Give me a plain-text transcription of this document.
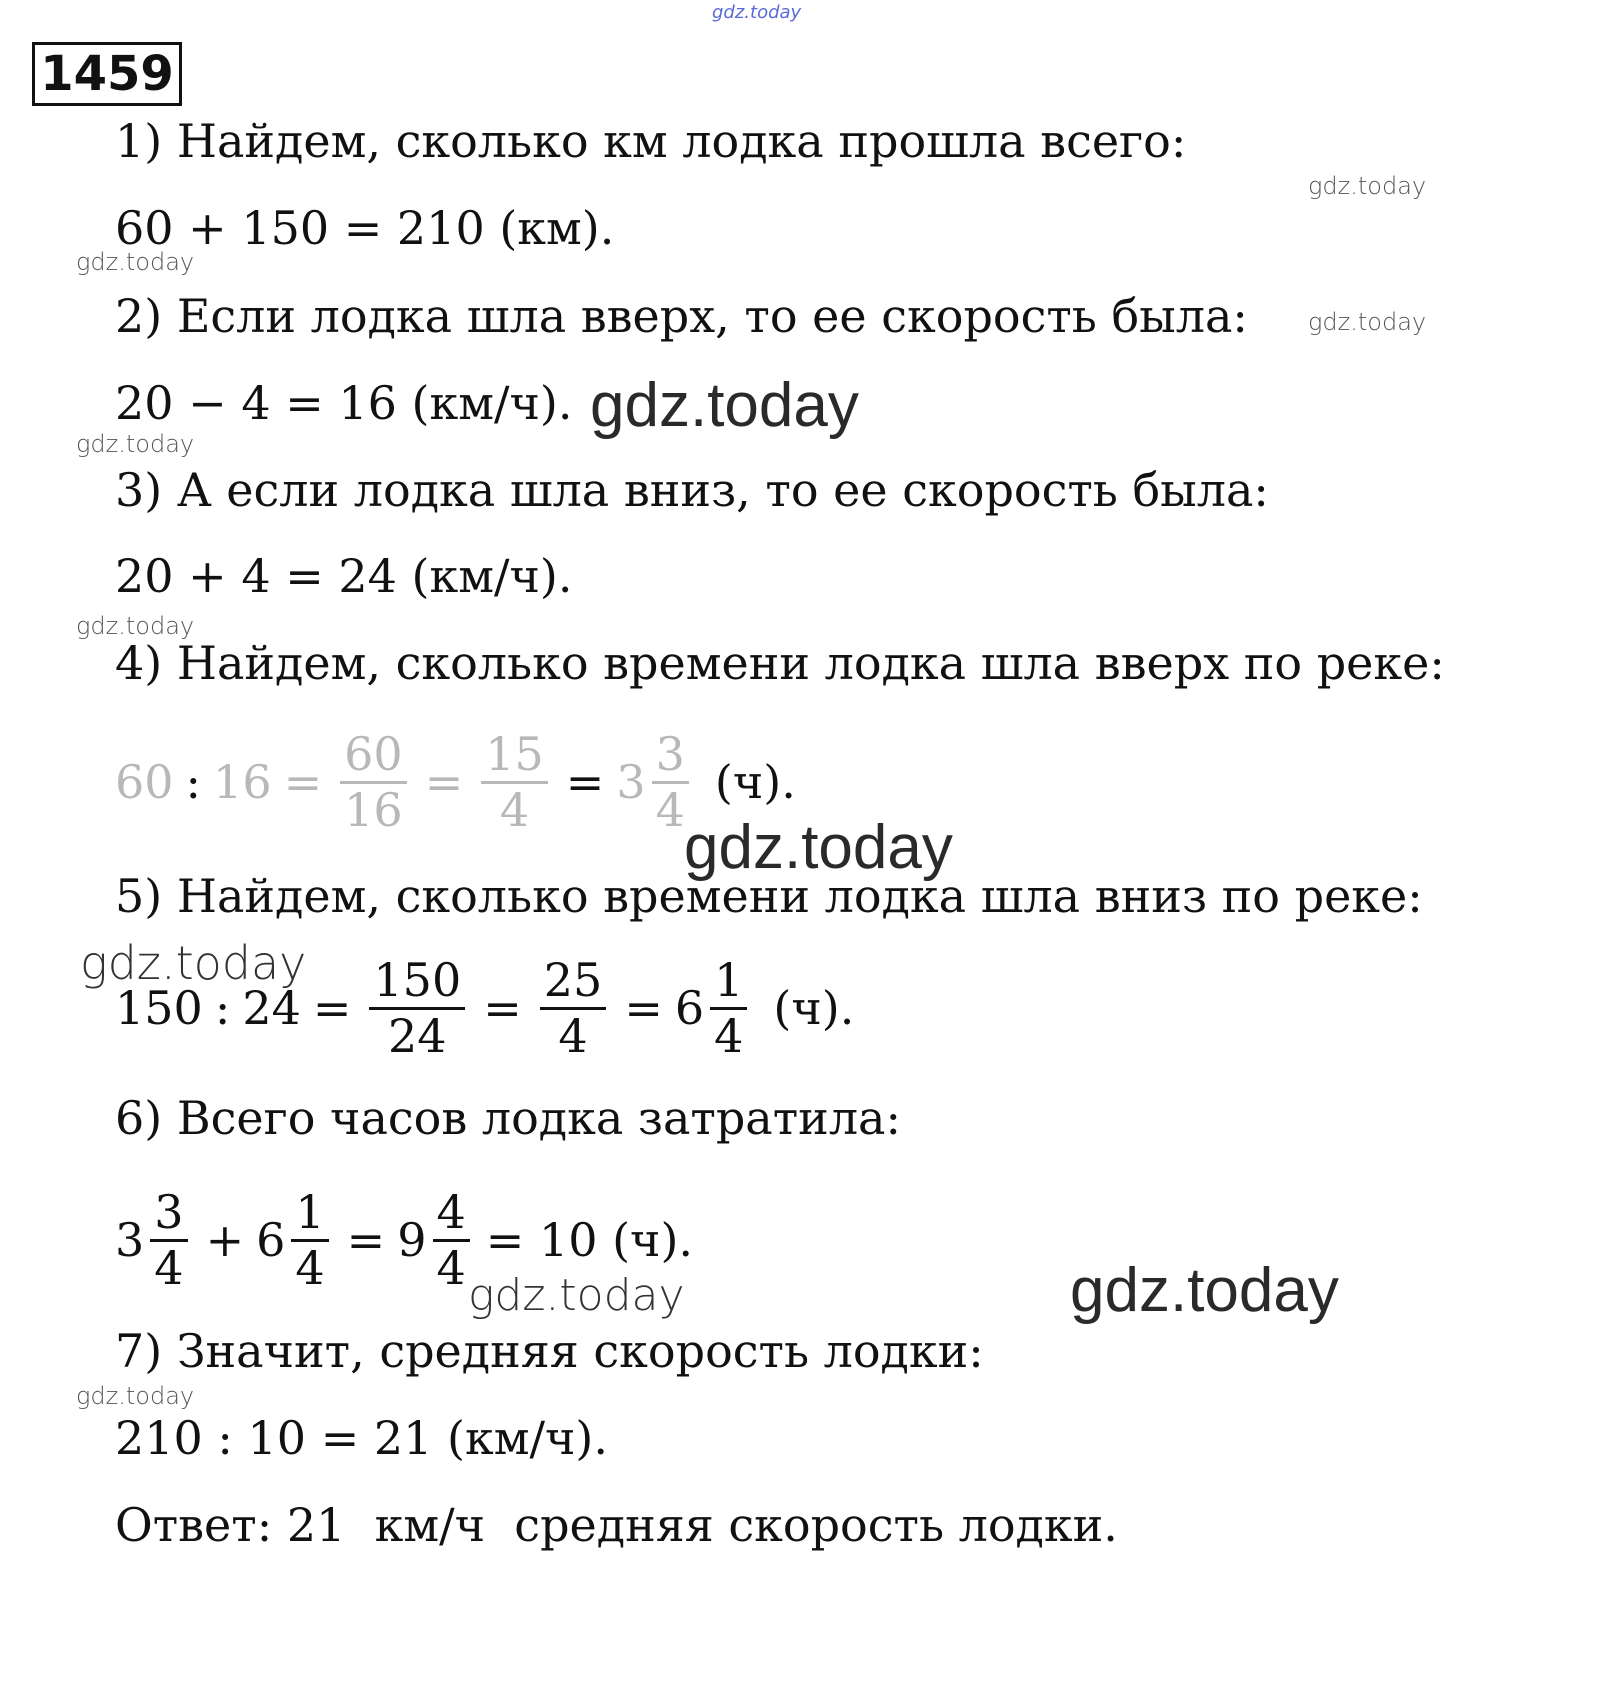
gdz.today
1459
1) Найдем, сколько км лодка прошла всего:
gdz.today
60 + 150 = 210 (км).
gdz.today
2) Если лодка шла вверх, то ее скорость была:	gdz.today
20 − 4 = 16 (км/ч). gdz.today
gdz.today
3) А если лодка шла вниз, то ее скорость была:
20 + 4 = 24 (км/ч).
gdz.today
4) Найдем, сколько времени лодка шла вверх по реке:
60 : $16 = \frac{60}{16} = \frac{15}{4} = 3 \frac{3}{4} (ч)$.
gdz.today
5) Найдем, сколько времени лодка шла вниз по реке:
gdz.today
150 : $24 = \frac{150}{24} = \frac{25}{4} = 6 \frac{1}{4} (ч)$.
6) Всего часов лодка затратила:
$3 \frac{3}{4} + 6 \frac{1}{4} = 9 \frac{4}{4} = 10$ (ч).
gdz.today	gdz.today
7) Значит, средняя скорость лодки:
gdz.today
210 : 10 = 21 (км/ч).
Ответ: 21  км/ч  средняя скорость лодки.
